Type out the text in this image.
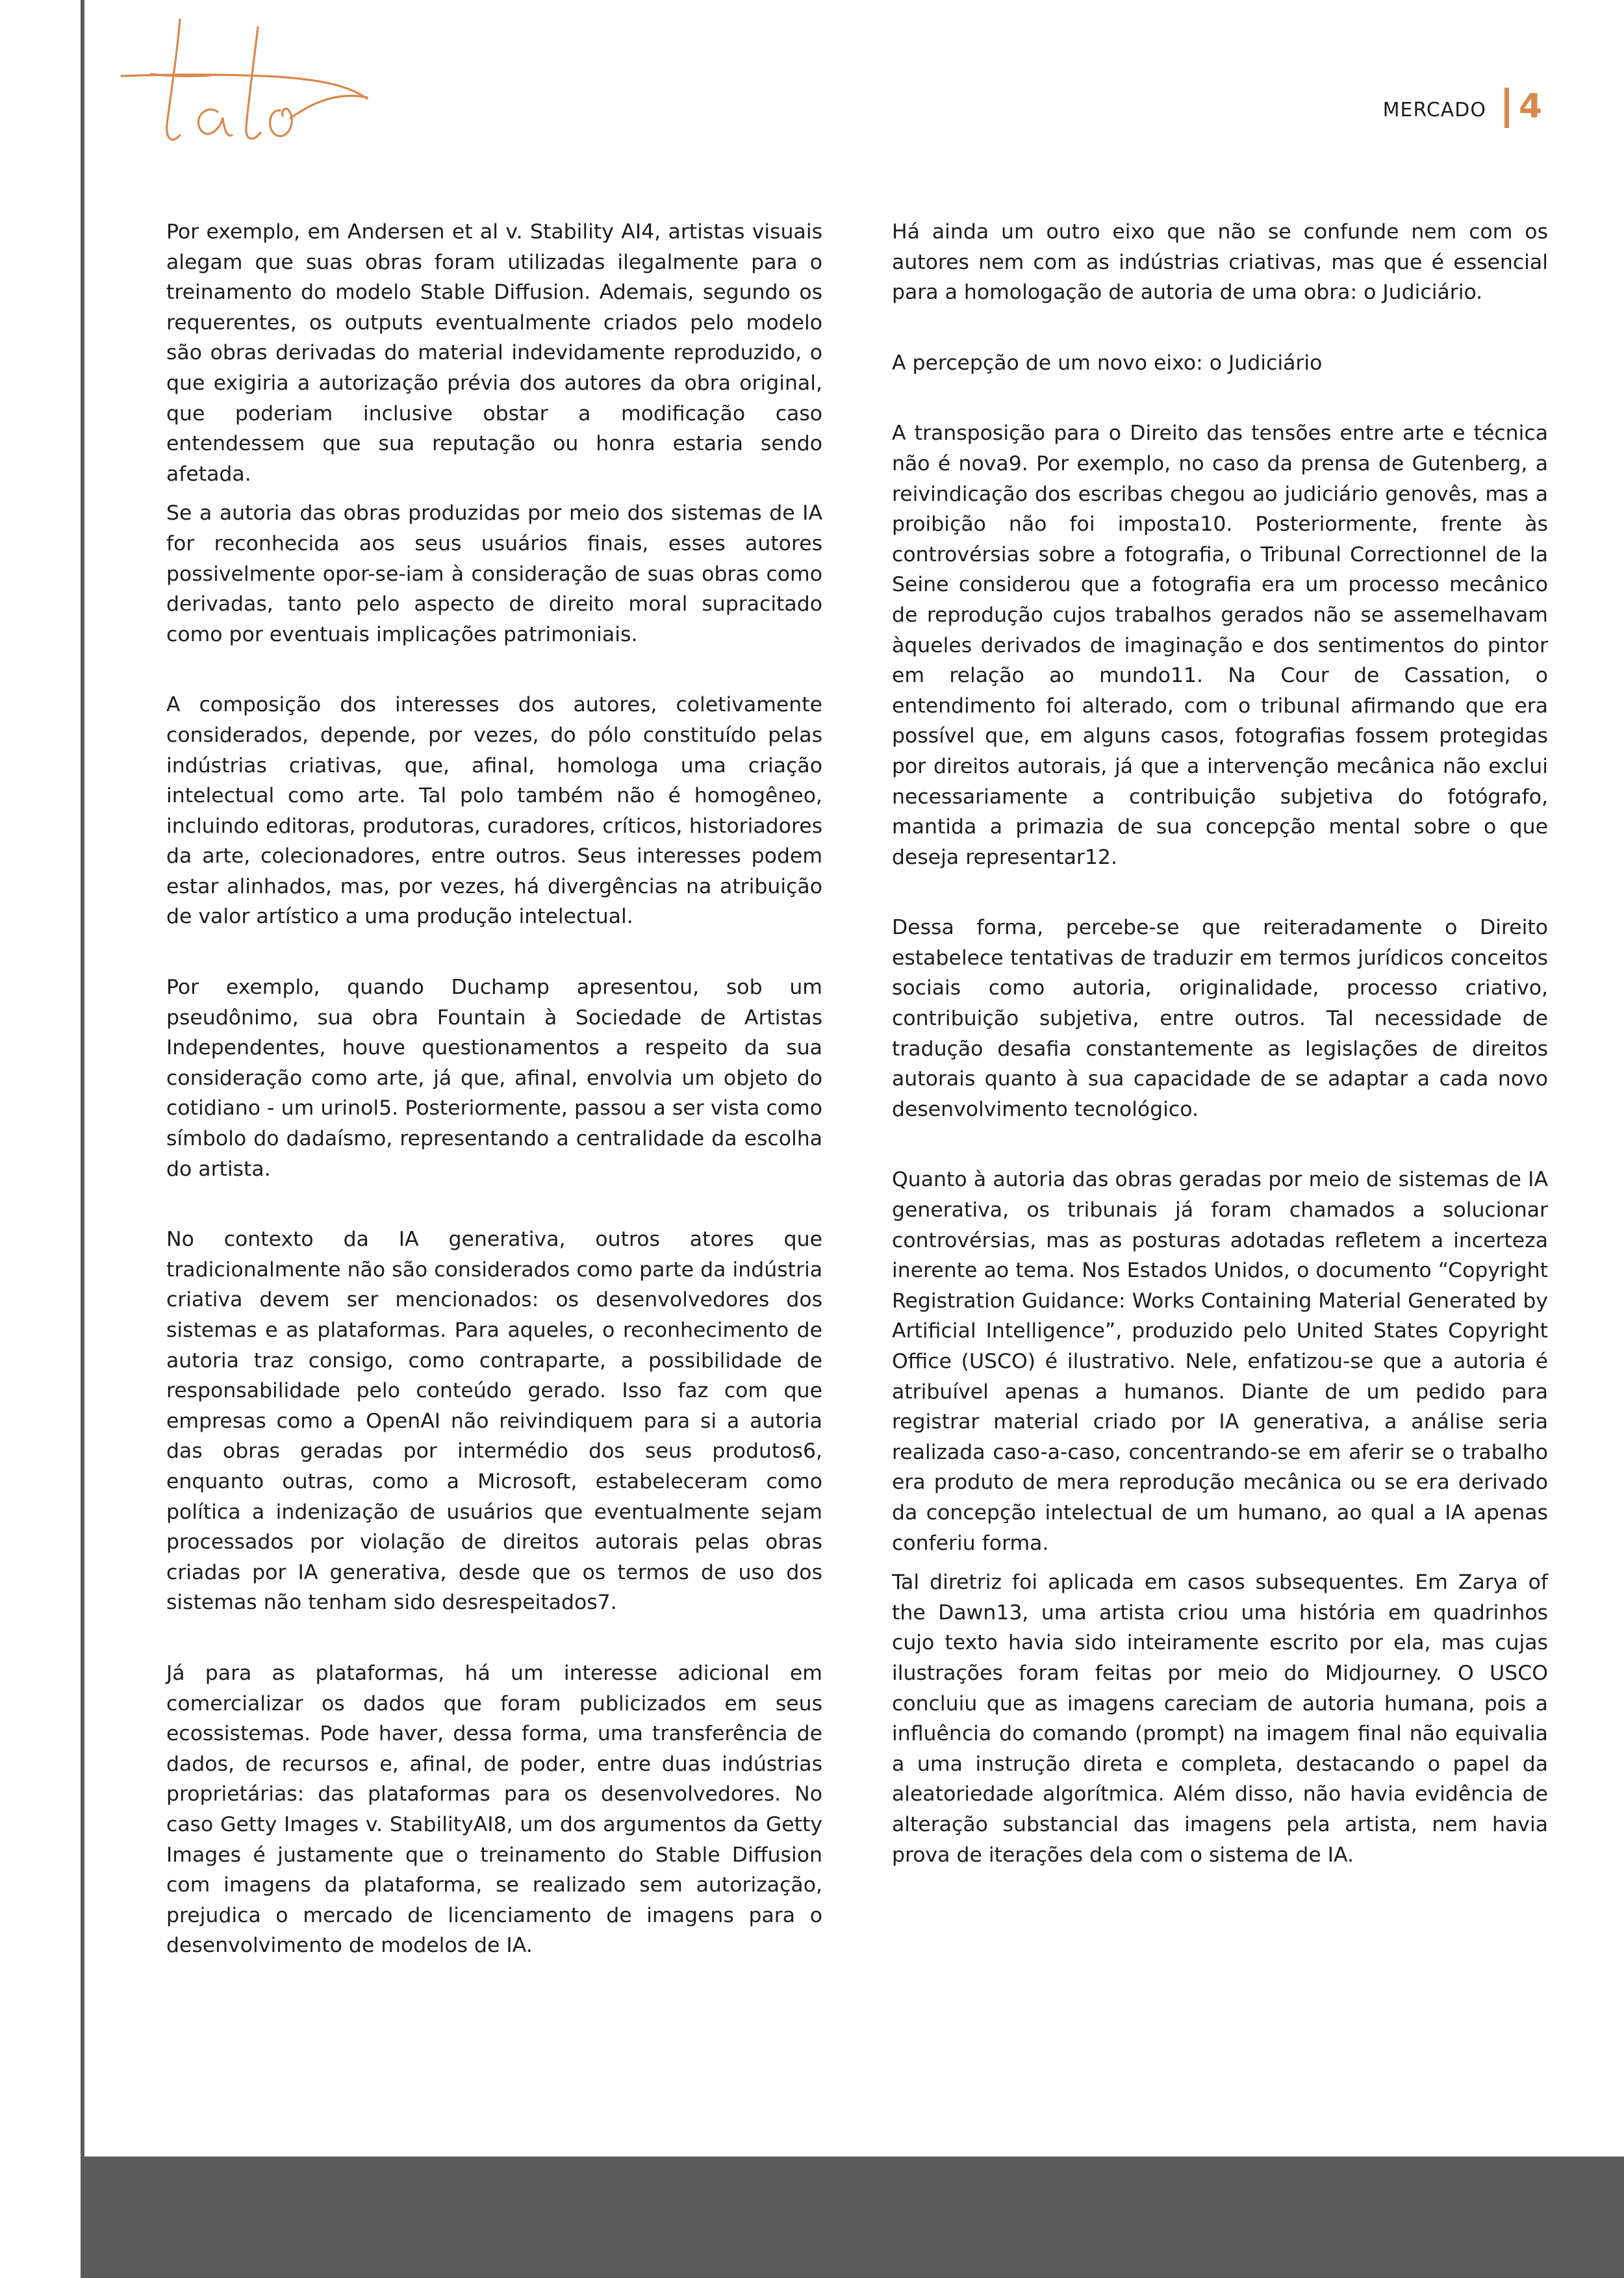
MERCADO 4

Por exemplo, em Andersen et al v. Stability AI4, artistas visuais alegam que suas obras foram utilizadas ilegalmente para o treinamento do modelo Stable Diffusion. Ademais, segundo os requerentes, os outputs eventualmente criados pelo modelo são obras derivadas do material indevidamente reproduzido, o que exigiria a autorização prévia dos autores da obra original, que poderiam inclusive obstar a modificação caso entendessem que sua reputação ou honra estaria sendo afetada.

Se a autoria das obras produzidas por meio dos sistemas de IA for reconhecida aos seus usuários finais, esses autores possivelmente opor-se-iam à consideração de suas obras como derivadas, tanto pelo aspecto de direito moral supracitado como por eventuais implicações patrimoniais.

A composição dos interesses dos autores, coletivamente considerados, depende, por vezes, do pólo constituído pelas indústrias criativas, que, afinal, homologa uma criação intelectual como arte. Tal polo também não é homogêneo, incluindo editoras, produtoras, curadores, críticos, historiadores da arte, colecionadores, entre outros. Seus interesses podem estar alinhados, mas, por vezes, há divergências na atribuição de valor artístico a uma produção intelectual.

Por exemplo, quando Duchamp apresentou, sob um pseudônimo, sua obra Fountain à Sociedade de Artistas Independentes, houve questionamentos a respeito da sua consideração como arte, já que, afinal, envolvia um objeto do cotidiano - um urinol5. Posteriormente, passou a ser vista como símbolo do dadaísmo, representando a centralidade da escolha do artista.

No contexto da IA generativa, outros atores que tradicionalmente não são considerados como parte da indústria criativa devem ser mencionados: os desenvolvedores dos sistemas e as plataformas. Para aqueles, o reconhecimento de autoria traz consigo, como contraparte, a possibilidade de responsabilidade pelo conteúdo gerado. Isso faz com que empresas como a OpenAI não reivindiquem para si a autoria das obras geradas por intermédio dos seus produtos6, enquanto outras, como a Microsoft, estabeleceram como política a indenização de usuários que eventualmente sejam processados por violação de direitos autorais pelas obras criadas por IA generativa, desde que os termos de uso dos sistemas não tenham sido desrespeitados7.

Já para as plataformas, há um interesse adicional em comercializar os dados que foram publicizados em seus ecossistemas. Pode haver, dessa forma, uma transferência de dados, de recursos e, afinal, de poder, entre duas indústrias proprietárias: das plataformas para os desenvolvedores. No caso Getty Images v. StabilityAI8, um dos argumentos da Getty Images é justamente que o treinamento do Stable Diffusion com imagens da plataforma, se realizado sem autorização, prejudica o mercado de licenciamento de imagens para o desenvolvimento de modelos de IA.

Há ainda um outro eixo que não se confunde nem com os autores nem com as indústrias criativas, mas que é essencial para a homologação de autoria de uma obra: o Judiciário.

A percepção de um novo eixo: o Judiciário

A transposição para o Direito das tensões entre arte e técnica não é nova9. Por exemplo, no caso da prensa de Gutenberg, a reivindicação dos escribas chegou ao judiciário genovês, mas a proibição não foi imposta10. Posteriormente, frente às controvérsias sobre a fotografia, o Tribunal Correctionnel de la Seine considerou que a fotografia era um processo mecânico de reprodução cujos trabalhos gerados não se assemelhavam àqueles derivados de imaginação e dos sentimentos do pintor em relação ao mundo11. Na Cour de Cassation, o entendimento foi alterado, com o tribunal afirmando que era possível que, em alguns casos, fotografias fossem protegidas por direitos autorais, já que a intervenção mecânica não exclui necessariamente a contribuição subjetiva do fotógrafo, mantida a primazia de sua concepção mental sobre o que deseja representar12.

Dessa forma, percebe-se que reiteradamente o Direito estabelece tentativas de traduzir em termos jurídicos conceitos sociais como autoria, originalidade, processo criativo, contribuição subjetiva, entre outros. Tal necessidade de tradução desafia constantemente as legislações de direitos autorais quanto à sua capacidade de se adaptar a cada novo desenvolvimento tecnológico.

Quanto à autoria das obras geradas por meio de sistemas de IA generativa, os tribunais já foram chamados a solucionar controvérsias, mas as posturas adotadas refletem a incerteza inerente ao tema. Nos Estados Unidos, o documento “Copyright Registration Guidance: Works Containing Material Generated by Artificial Intelligence”, produzido pelo United States Copyright Office (USCO) é ilustrativo. Nele, enfatizou-se que a autoria é atribuível apenas a humanos. Diante de um pedido para registrar material criado por IA generativa, a análise seria realizada caso-a-caso, concentrando-se em aferir se o trabalho era produto de mera reprodução mecânica ou se era derivado da concepção intelectual de um humano, ao qual a IA apenas conferiu forma.

Tal diretriz foi aplicada em casos subsequentes. Em Zarya of the Dawn13, uma artista criou uma história em quadrinhos cujo texto havia sido inteiramente escrito por ela, mas cujas ilustrações foram feitas por meio do Midjourney. O USCO concluiu que as imagens careciam de autoria humana, pois a influência do comando (prompt) na imagem final não equivalia a uma instrução direta e completa, destacando o papel da aleatoriedade algorítmica. Além disso, não havia evidência de alteração substancial das imagens pela artista, nem havia prova de iterações dela com o sistema de IA.
